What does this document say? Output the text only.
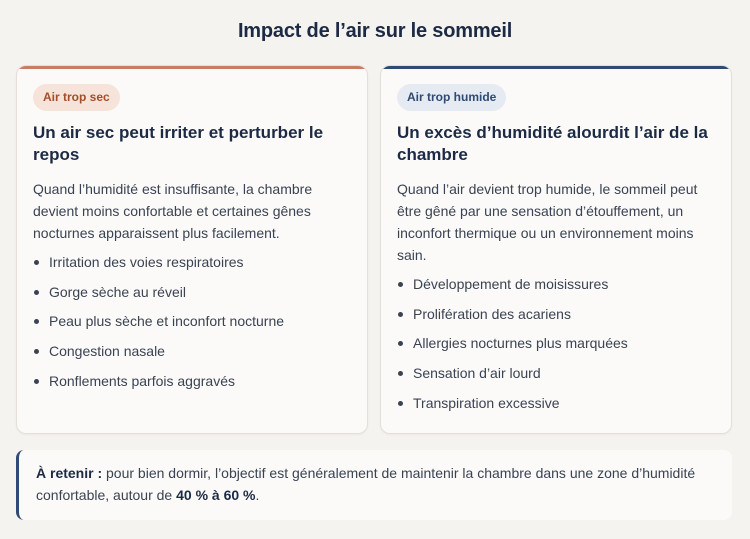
Impact de l’air sur le sommeil
Air trop sec
Un air sec peut irriter et perturber le repos

Quand l’humidité est insuffisante, la chambre devient moins confortable et certaines gênes nocturnes apparaissent plus facilement.

Irritation des voies respiratoires
Gorge sèche au réveil
Peau plus sèche et inconfort nocturne
Congestion nasale
Ronflements parfois aggravés
Air trop humide
Un excès d’humidité alourdit l’air de la chambre

Quand l’air devient trop humide, le sommeil peut être gêné par une sensation d’étouffement, un inconfort thermique ou un environnement moins sain.

Développement de moisissures
Prolifération des acariens
Allergies nocturnes plus marquées
Sensation d’air lourd
Transpiration excessive
À retenir : pour bien dormir, l’objectif est généralement de maintenir la chambre dans une zone d’humidité confortable, autour de 40 % à 60 %.
